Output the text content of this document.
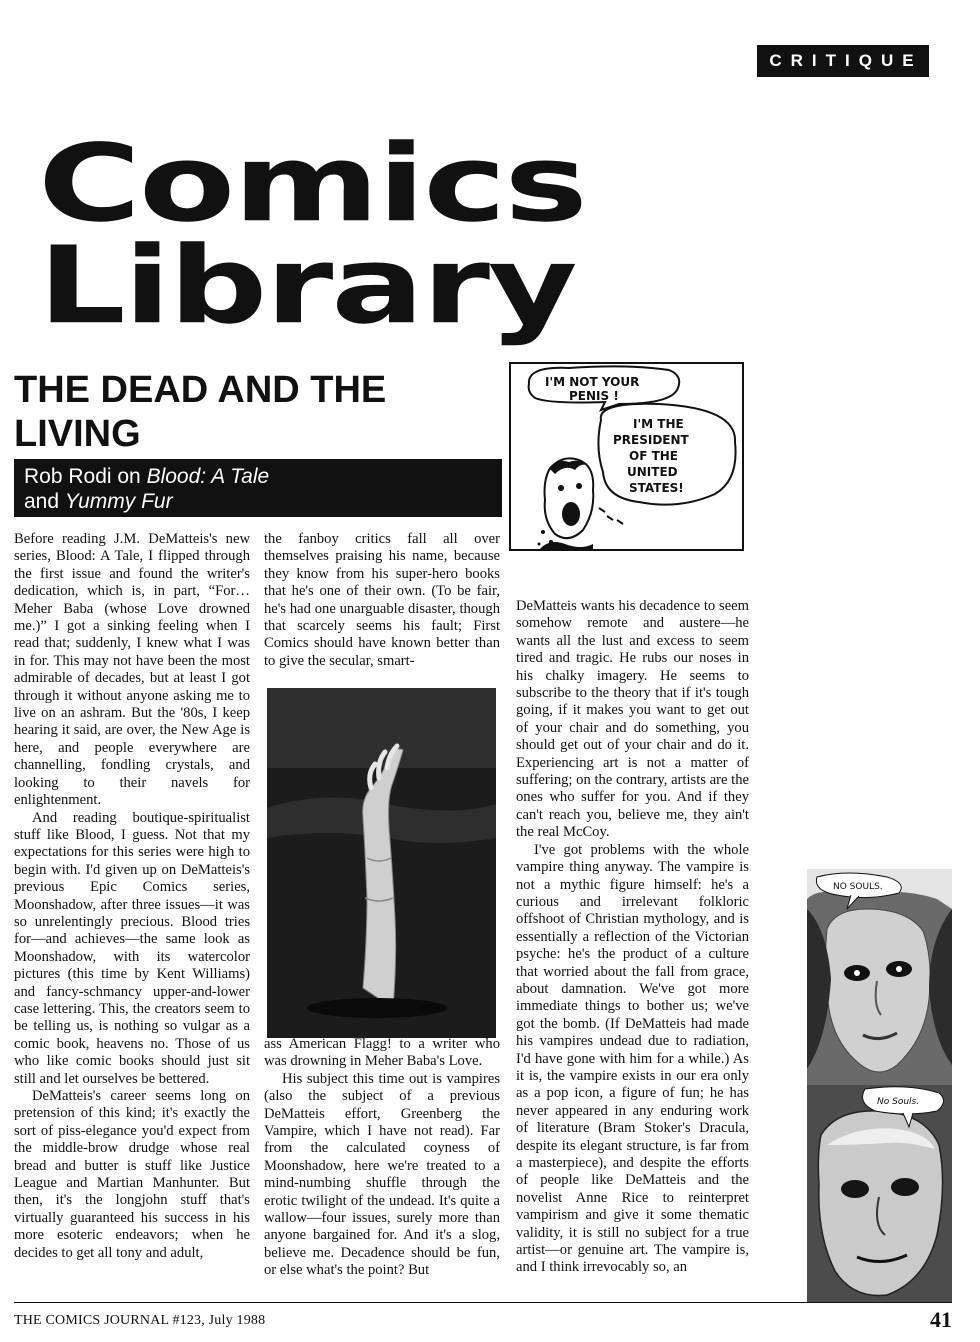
CRITIQUE
Comics
Library
THE DEAD AND THE LIVING
Rob Rodi on Blood: A Tale
and Yummy Fur
I'M NOT YOUR
PENIS !
I'M THE
PRESIDENT
OF THE
UNITED
STATES!

Before reading J.M. DeMatteis's new series, Blood: A Tale, I flipped through the first issue and found the writer's dedication, which is, in part, “For…Meher Baba (whose Love drowned me.)” I got a sinking feeling when I read that; suddenly, I knew what I was in for. This may not have been the most admirable of decades, but at least I got through it without anyone asking me to live on an ashram. But the '80s, I keep hearing it said, are over, the New Age is here, and people everywhere are channelling, fondling crystals, and looking to their navels for enlightenment.

And reading boutique-spiritualist stuff like Blood, I guess. Not that my expectations for this series were high to begin with. I'd given up on DeMatteis's previous Epic Comics series, Moonshadow, after three issues—it was so unrelentingly precious. Blood tries for—and achieves—the same look as Moonshadow, with its watercolor pictures (this time by Kent Williams) and fancy-schmancy upper-and-lower case lettering. This, the creators seem to be telling us, is nothing so vulgar as a comic book, heavens no. Those of us who like comic books should just sit still and let ourselves be bettered.

DeMatteis's career seems long on pretension of this kind; it's exactly the sort of piss-elegance you'd expect from the middle-brow drudge whose real bread and butter is stuff like Justice League and Martian Manhunter. But then, it's the longjohn stuff that's virtually guaranteed his success in his more esoteric endeavors; when he decides to get all tony and adult,

the fanboy critics fall all over themselves praising his name, because they know from his super-hero books that he's one of their own. (To be fair, he's had one unarguable disaster, though that scarcely seems his fault; First Comics should have known better than to give the secular, smart-

ass American Flagg! to a writer who was drowning in Meher Baba's Love.

His subject this time out is vampires (also the subject of a previous DeMatteis effort, Greenberg the Vampire, which I have not read). Far from the calculated coyness of Moonshadow, here we're treated to a mind-numbing shuffle through the erotic twilight of the undead. It's quite a wallow—four issues, surely more than anyone bargained for. And it's a slog, believe me. Decadence should be fun, or else what's the point? But

DeMatteis wants his decadence to seem somehow remote and austere—he wants all the lust and excess to seem tired and tragic. He rubs our noses in his chalky imagery. He seems to subscribe to the theory that if it's tough going, if it makes you want to get out of your chair and do something, you should get out of your chair and do it. Experiencing art is not a matter of suffering; on the contrary, artists are the ones who suffer for you. And if they can't reach you, believe me, they ain't the real McCoy.

I've got problems with the whole vampire thing anyway. The vampire is not a mythic figure himself: he's a curious and irrelevant folkloric offshoot of Christian mythology, and is essentially a reflection of the Victorian psyche: he's the product of a culture that worried about the fall from grace, about damnation. We've got more immediate things to bother us; we've got the bomb. (If DeMatteis had made his vampires undead due to radiation, I'd have gone with him for a while.) As it is, the vampire exists in our era only as a pop icon, a figure of fun; he has never appeared in any enduring work of literature (Bram Stoker's Dracula, despite its elegant structure, is far from a masterpiece), and despite the efforts of people like DeMatteis and the novelist Anne Rice to reinterpret vampirism and give it some thematic validity, it is still no subject for a true artist—or genuine art. The vampire is, and I think irrevocably so, an

NO SOULS.
No Souls.
THE COMICS JOURNAL #123, July 1988	41
